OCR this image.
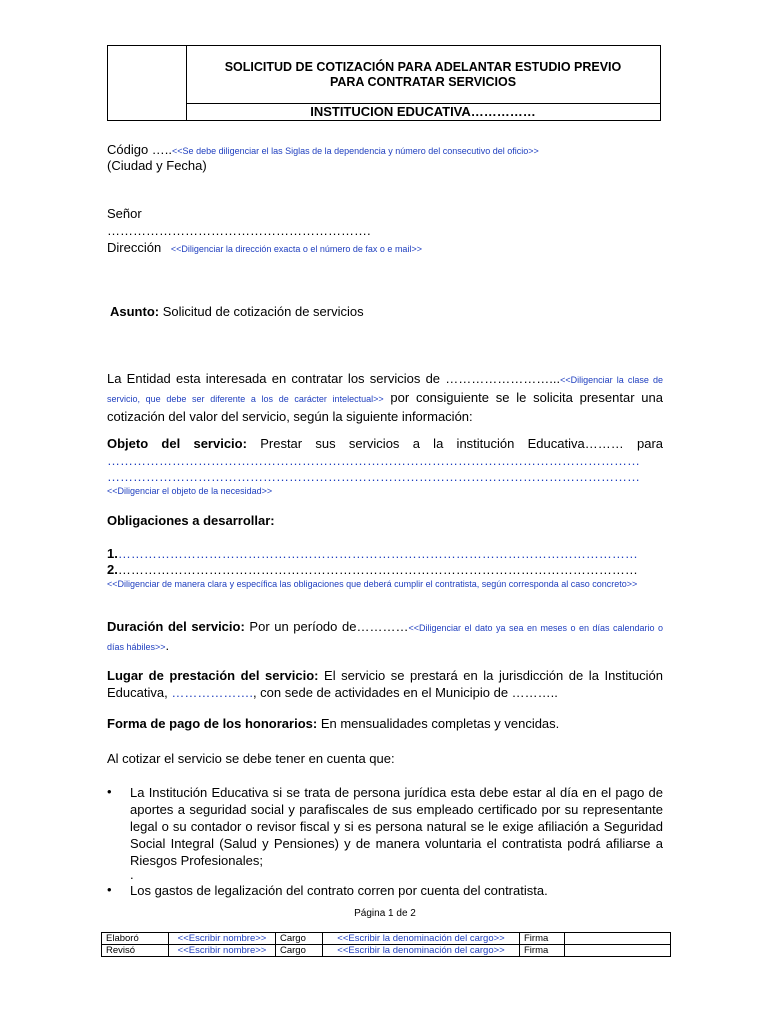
SOLICITUD DE COTIZACIÓN PARA ADELANTAR ESTUDIO PREVIO
PARA CONTRATAR SERVICIOS
INSTITUCION EDUCATIVA……………
Código …..<<Se debe diligenciar el las Siglas de la dependencia y número del consecutivo del oficio>>
(Ciudad y Fecha)
Señor
…………………………………………………….
Dirección <<Diligenciar la dirección exacta o el número de fax o e mail>>
Asunto: Solicitud de cotización de servicios
La Entidad esta interesada en contratar los servicios de ……………………...<<Diligenciar la clase de servicio, que debe ser diferente a los de carácter intelectual>> por consiguiente se le solicita presentar una cotización del valor del servicio, según la siguiente información:
Objeto del servicio: Prestar sus servicios a la institución Educativa……… para
……………………………………………………………………………………………………………
……………………………………………………………………………………………………………
<<Diligenciar el objeto de la necesidad>>
Obligaciones a desarrollar:
1.…………………………………………………………………………………………………………
2.…………………………………………………………………………………………………………
<<Diligenciar de manera clara y específica las obligaciones que deberá cumplir el contratista, según corresponda al caso concreto>>
Duración del servicio: Por un período de…………<<Diligenciar el dato ya sea en meses o en días calendario o días hábiles>>.
Lugar de prestación del servicio: El servicio se prestará en la jurisdicción de la Institución Educativa, ………………., con sede de actividades en el Municipio de ………..
Forma de pago de los honorarios: En mensualidades completas y vencidas.
Al cotizar el servicio se debe tener en cuenta que:
• La Institución Educativa si se trata de persona jurídica esta debe estar al día en el pago de aportes a seguridad social y parafiscales de sus empleado certificado por su representante legal o su contador o revisor fiscal y si es persona natural se le exige afiliación a Seguridad Social Integral (Salud y Pensiones) y de manera voluntaria el contratista podrá afiliarse a Riesgos Profesionales;
.
• Los gastos de legalización del contrato corren por cuenta del contratista.
Página 1 de 2
Elaboró	<<Escribir nombre>>	Cargo	<<Escribir la denominación del cargo>>	Firma	
Revisó	<<Escribir nombre>>	Cargo	<<Escribir la denominación del cargo>>	Firma	
